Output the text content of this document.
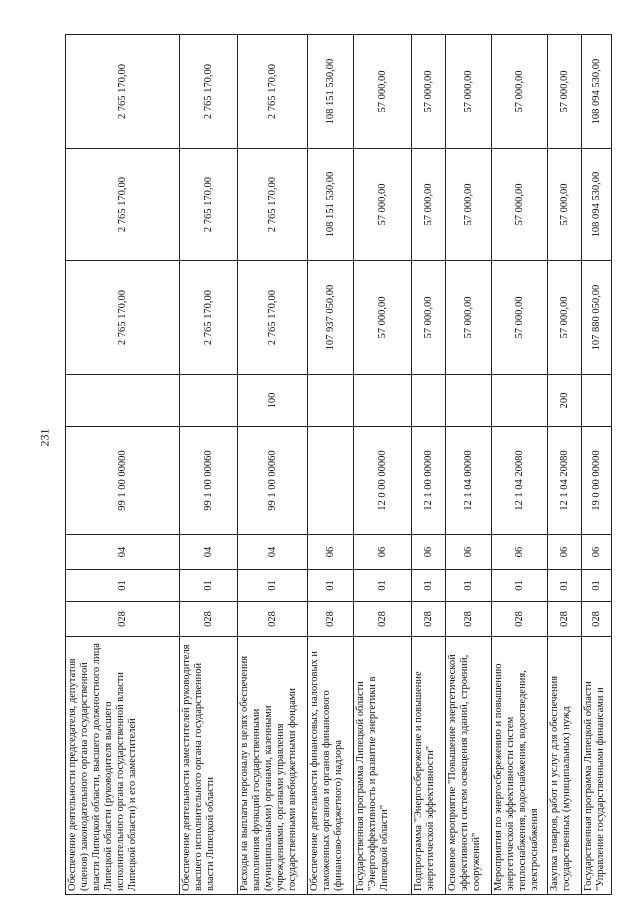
231
Обеспечение деятельности председателя, депутатов (членов) законодательного органа государственной власти Липецкой области, высшего должностного лица Липецкой области (руководителя высшего исполнительного органа государственной власти Липецкой области) и его заместителей	028	01	04	99 1 00 00000		2 765 170,00	2 765 170,00	2 765 170,00
Обеспечение деятельности заместителей руководителя высшего исполнительного органа государственной власти Липецкой области	028	01	04	99 1 00 00060		2 765 170,00	2 765 170,00	2 765 170,00
Расходы на выплаты персоналу в целях обеспечения выполнения функций государственными (муниципальными) органами, казенными учреждениями, органами управления государственными внебюджетными фондами	028	01	04	99 1 00 00060	100	2 765 170,00	2 765 170,00	2 765 170,00
Обеспечение деятельности финансовых, налоговых и таможенных органов и органов финансового (финансово-бюджетного) надзора	028	01	06			107 937 050,00	108 151 530,00	108 151 530,00
Государственная программа Липецкой области "Энергоэффективность и развитие энергетики в Липецкой области"	028	01	06	12 0 00 00000		57 000,00	57 000,00	57 000,00
Подпрограмма "Энергосбережение и повышение энергетической эффективности"	028	01	06	12 1 00 00000		57 000,00	57 000,00	57 000,00
Основное мероприятие "Повышение энергетической эффективности систем освещения зданий, строений, сооружений"	028	01	06	12 1 04 00000		57 000,00	57 000,00	57 000,00
Мероприятия по энергосбережению и повышению энергетической эффективности систем теплоснабжения, водоснабжения, водоотведения, электроснабжения	028	01	06	12 1 04 20080		57 000,00	57 000,00	57 000,00
Закупка товаров, работ и услуг для обеспечения государственных (муниципальных) нужд	028	01	06	12 1 04 20080	200	57 000,00	57 000,00	57 000,00
Государственная программа Липецкой области "Управление государственными финансами и	028	01	06	19 0 00 00000		107 880 050,00	108 094 530,00	108 094 530,00
